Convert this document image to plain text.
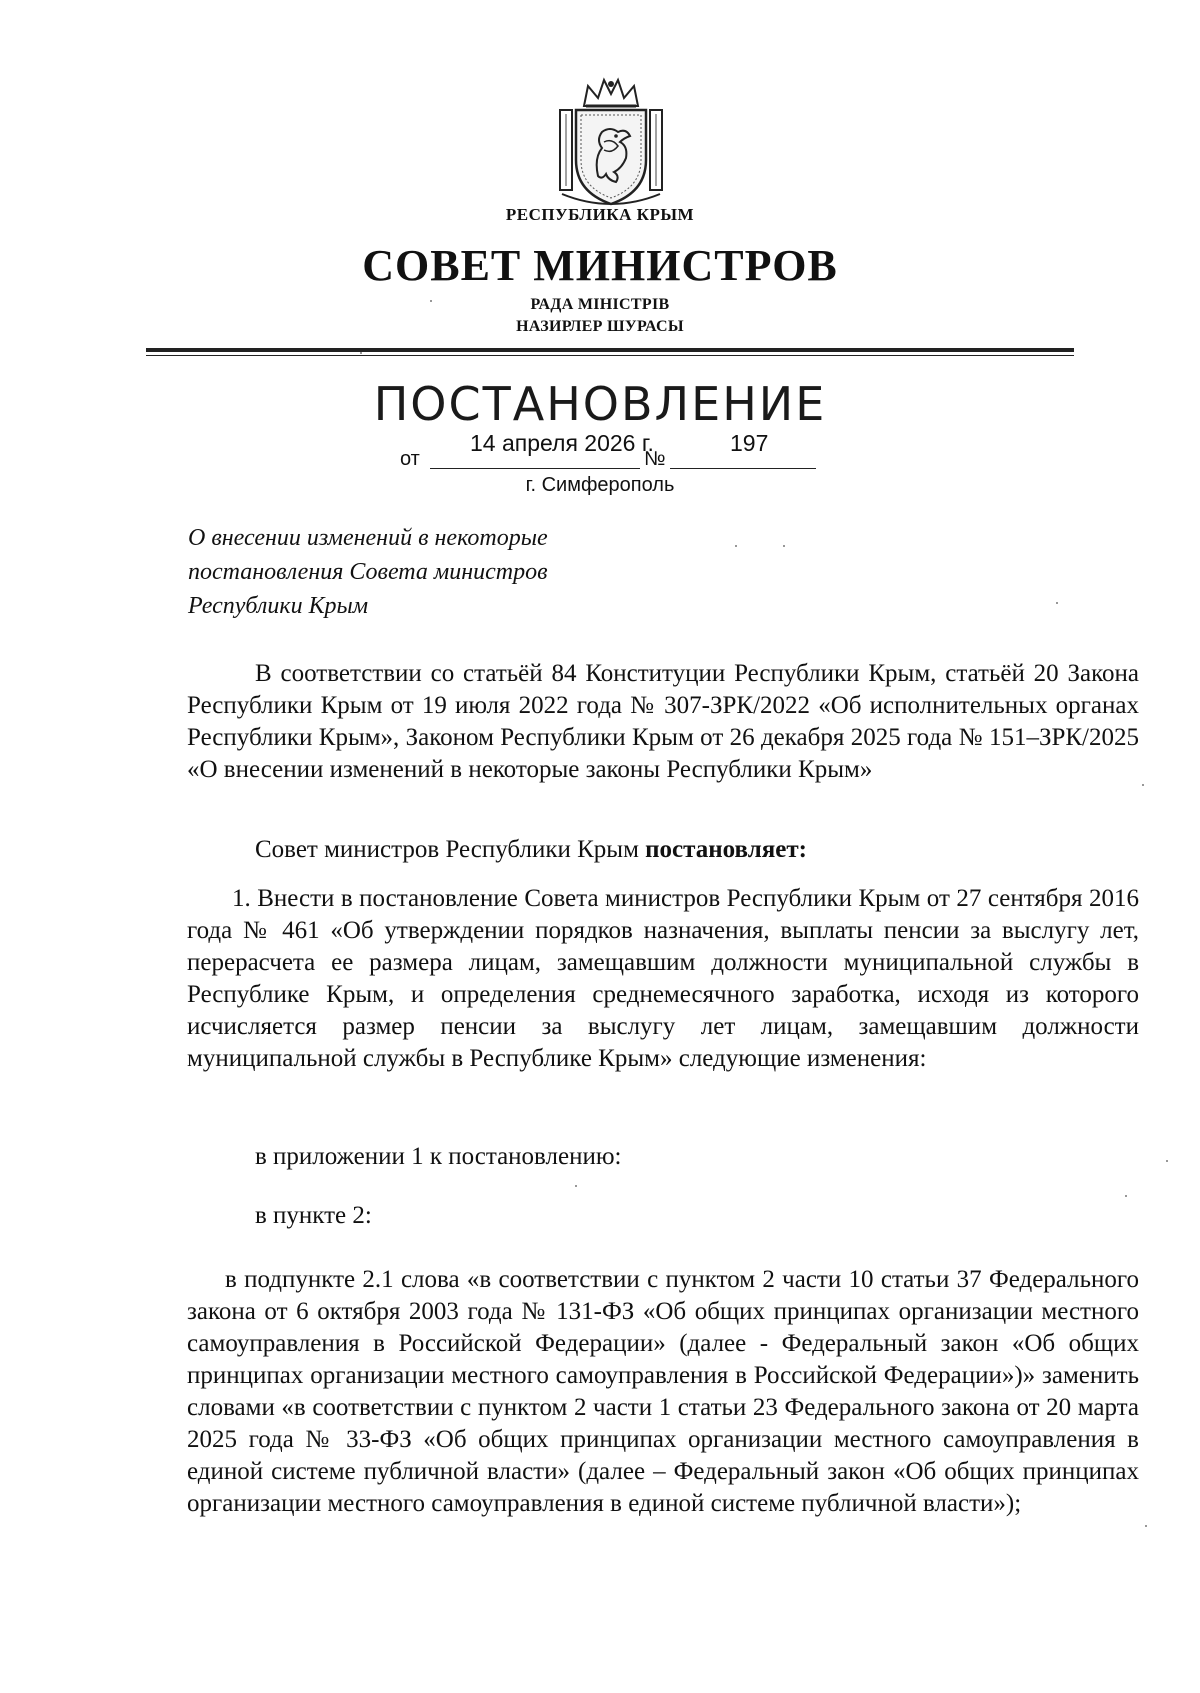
РЕСПУБЛИКА КРЫМ
СОВЕТ МИНИСТРОВ
РАДА МІНІСТРІВ
НАЗИРЛЕР ШУРАСЫ
ПОСТАНОВЛЕНИЕ
от
14 апреля 2026 г.
№
197
г. Симферополь
О внесении изменений в некоторые
постановления Совета министров
Республики Крым
В соответствии со статьёй 84 Конституции Республики Крым, статьёй 20 Закона Республики Крым от 19 июля 2022 года № 307-ЗРК/2022 «Об исполнительных органах Республики Крым», Законом Республики Крым от 26 декабря 2025 года № 151–ЗРК/2025 «О внесении изменений в некоторые законы Республики Крым»
Совет министров Республики Крым постановляет:
1. Внести в постановление Совета министров Республики Крым от 27 сентября 2016 года № 461 «Об утверждении порядков назначения, выплаты пенсии за выслугу лет, перерасчета ее размера лицам, замещавшим должности муниципальной службы в Республике Крым, и определения среднемесячного заработка, исходя из которого исчисляется размер пенсии за выслугу лет лицам, замещавшим должности муниципальной службы в Республике Крым» следующие изменения:
в приложении 1 к постановлению:
в пункте 2:
в подпункте 2.1 слова «в соответствии с пунктом 2 части 10 статьи 37 Федерального закона от 6 октября 2003 года № 131-ФЗ «Об общих принципах организации местного самоуправления в Российской Федерации» (далее - Федеральный закон «Об общих принципах организации местного самоуправления в Российской Федерации»)» заменить словами «в соответствии с пунктом 2 части 1 статьи 23 Федерального закона от 20 марта 2025 года № 33-ФЗ «Об общих принципах организации местного самоуправления в единой системе публичной власти» (далее – Федеральный закон «Об общих принципах организации местного самоуправления в единой системе публичной власти»);
